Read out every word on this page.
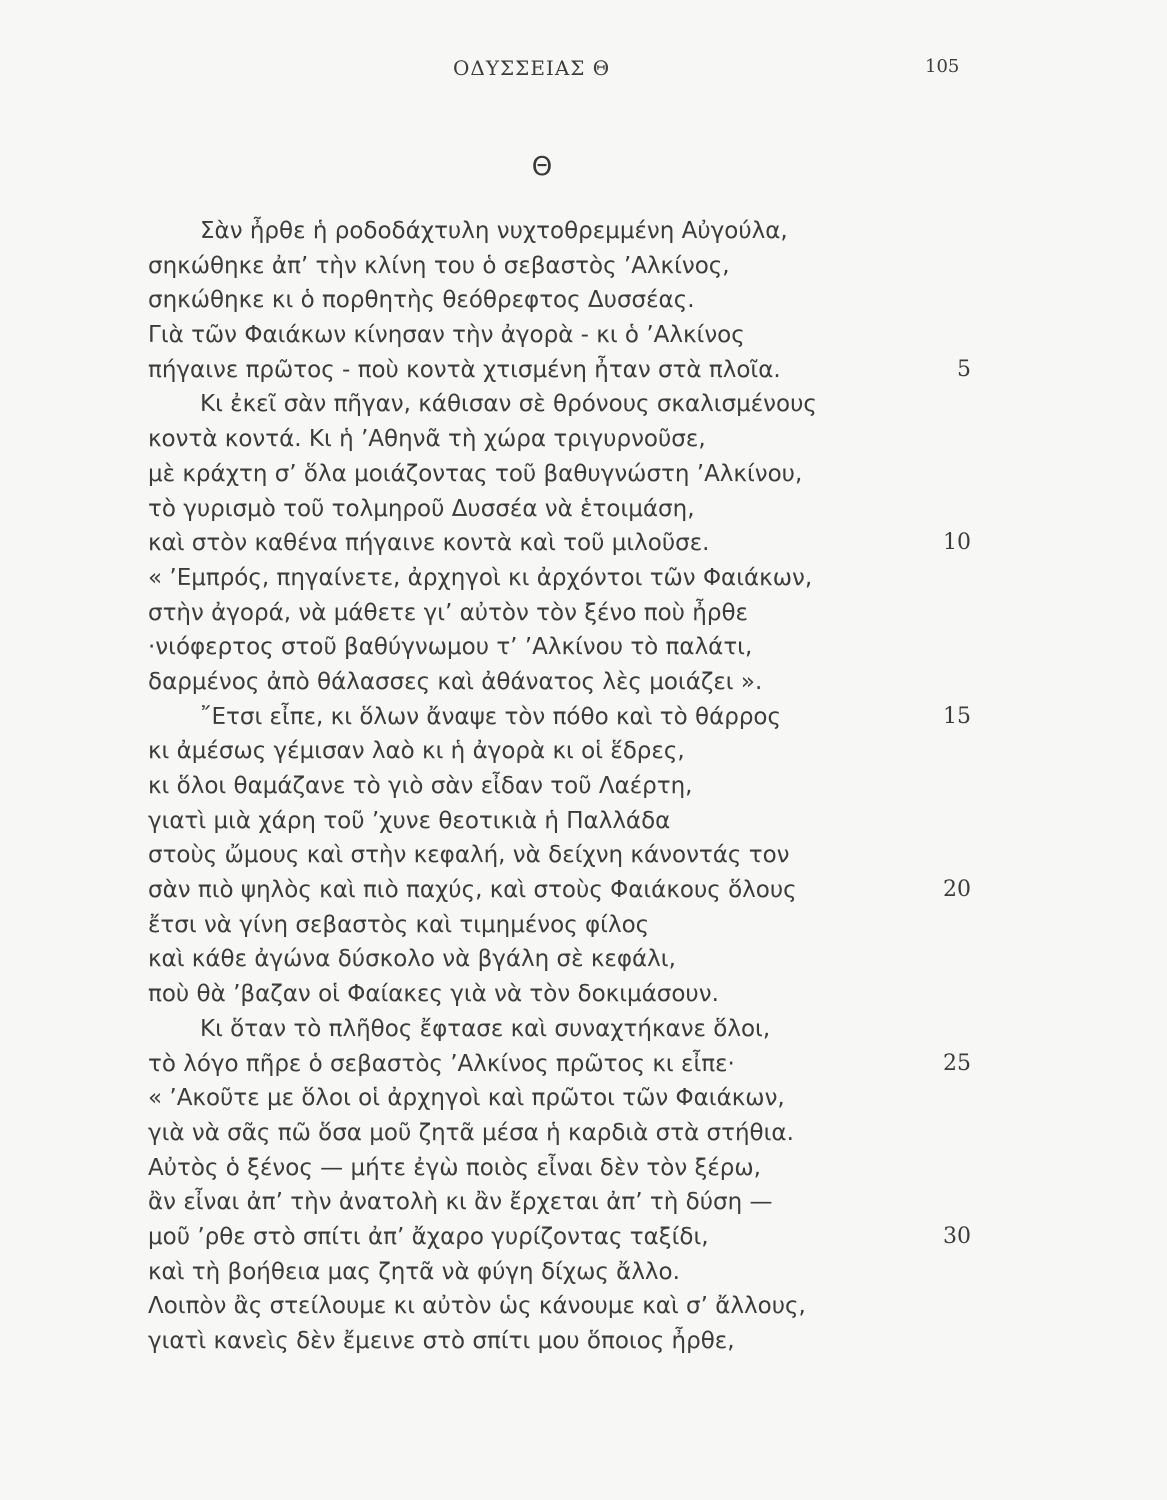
ΟΔΥΣΣΕΙΑΣ Θ	105
Θ
Σὰν ἦρθε ἡ ροδοδάχτυλη νυχτοθρεμμένη Αὐγούλα,
σηκώθηκε ἀπ’ τὴν κλίνη του ὁ σεβαστὸς ’Αλκίνος,
σηκώθηκε κι ὁ πορθητὴς θεόθρεφτος Δυσσέας.
Γιὰ τῶν Φαιάκων κίνησαν τὴν ἀγορὰ - κι ὁ ’Αλκίνος
πήγαινε πρῶτος - ποὺ κοντὰ χτισμένη ἦταν στὰ πλοῖα.	5
Κι ἐκεῖ σὰν πῆγαν, κάθισαν σὲ θρόνους σκαλισμένους
κοντὰ κοντά. Κι ἡ ’Αθηνᾶ τὴ χώρα τριγυρνοῦσε,
μὲ κράχτη σ’ ὅλα μοιάζοντας τοῦ βαθυγνώστη ’Αλκίνου,
τὸ γυρισμὸ τοῦ τολμηροῦ Δυσσέα νὰ ἑτοιμάση,
καὶ στὸν καθένα πήγαινε κοντὰ καὶ τοῦ μιλοῦσε.	10
« ’Εμπρός, πηγαίνετε, ἀρχηγοὶ κι ἀρχόντοι τῶν Φαιάκων,
στὴν ἀγορά, νὰ μάθετε γι’ αὐτὸν τὸν ξένο ποὺ ἦρθε
·νιόφερτος στοῦ βαθύγνωμου τ’ ’Αλκίνου τὸ παλάτι,
δαρμένος ἀπὸ θάλασσες καὶ ἀθάνατος λὲς μοιάζει ».
῎Ετσι εἶπε, κι ὅλων ἄναψε τὸν πόθο καὶ τὸ θάρρος	15
κι ἀμέσως γέμισαν λαὸ κι ἡ ἀγορὰ κι οἱ ἕδρες,
κι ὅλοι θαμάζανε τὸ γιὸ σὰν εἶδαν τοῦ Λαέρτη,
γιατὶ μιὰ χάρη τοῦ ’χυνε θεοτικιὰ ἡ Παλλάδα
στοὺς ὤμους καὶ στὴν κεφαλή, νὰ δείχνη κάνοντάς τον
σὰν πιὸ ψηλὸς καὶ πιὸ παχύς, καὶ στοὺς Φαιάκους ὅλους	20
ἔτσι νὰ γίνη σεβαστὸς καὶ τιμημένος φίλος
καὶ κάθε ἀγώνα δύσκολο νὰ βγάλη σὲ κεφάλι,
ποὺ θὰ ’βαζαν οἱ Φαίακες γιὰ νὰ τὸν δοκιμάσουν.
Κι ὅταν τὸ πλῆθος ἔφτασε καὶ συναχτήκανε ὅλοι,
τὸ λόγο πῆρε ὁ σεβαστὸς ’Αλκίνος πρῶτος κι εἶπε·	25
« ’Ακοῦτε με ὅλοι οἱ ἀρχηγοὶ καὶ πρῶτοι τῶν Φαιάκων,
γιὰ νὰ σᾶς πῶ ὅσα μοῦ ζητᾶ μέσα ἡ καρδιὰ στὰ στήθια.
Αὐτὸς ὁ ξένος — μήτε ἐγὼ ποιὸς εἶναι δὲν τὸν ξέρω,
ἂν εἶναι ἀπ’ τὴν ἀνατολὴ κι ἂν ἔρχεται ἀπ’ τὴ δύση —
μοῦ ’ρθε στὸ σπίτι ἀπ’ ἄχαρο γυρίζοντας ταξίδι,	30
καὶ τὴ βοήθεια μας ζητᾶ νὰ φύγη δίχως ἄλλο.
Λοιπὸν ἂς στείλουμε κι αὐτὸν ὡς κάνουμε καὶ σ’ ἄλλους,
γιατὶ κανεὶς δὲν ἔμεινε στὸ σπίτι μου ὅποιος ἦρθε,
